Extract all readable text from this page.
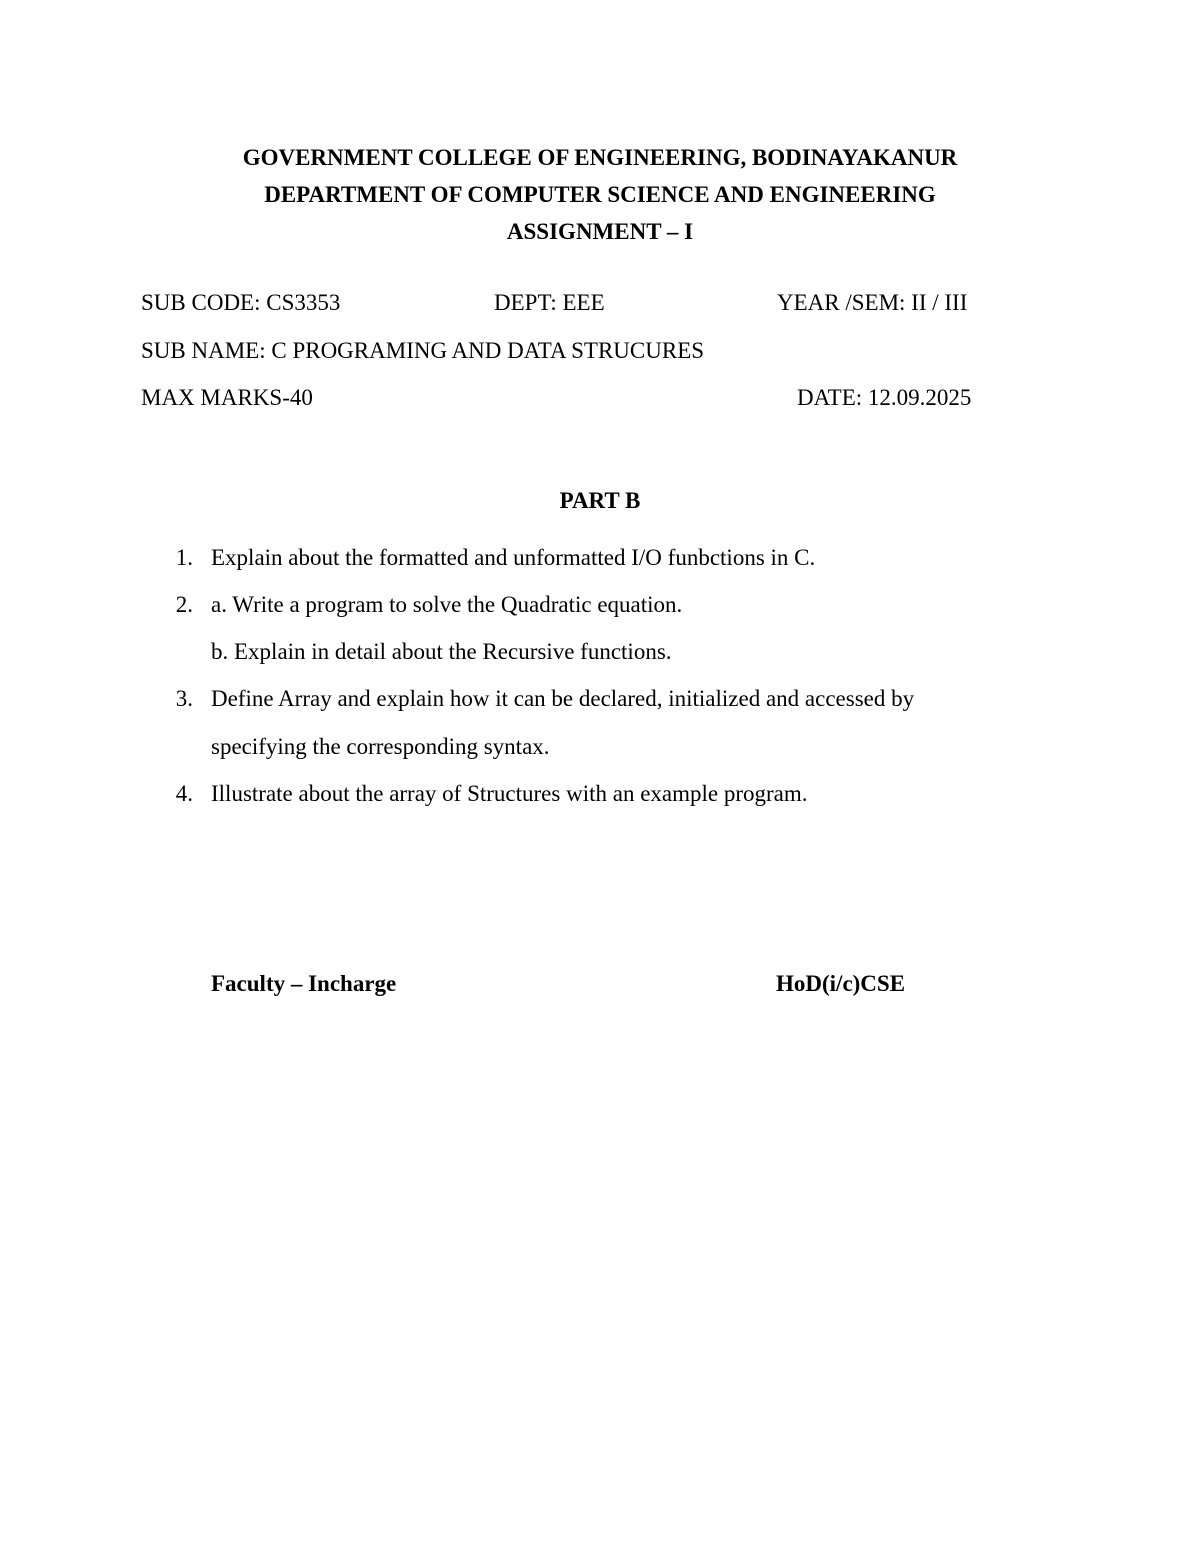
GOVERNMENT COLLEGE OF ENGINEERING, BODINAYAKANUR
DEPARTMENT OF COMPUTER SCIENCE AND ENGINEERING
ASSIGNMENT – I
SUB CODE: CS3353	DEPT: EEE	YEAR /SEM: II / III
SUB NAME: C PROGRAMING AND DATA STRUCURES
MAX MARKS-40	DATE: 12.09.2025
PART B
1. Explain about the formatted and unformatted I/O funbctions in C.
2. a. Write a program to solve the Quadratic equation.
b. Explain in detail about the Recursive functions.
3. Define Array and explain how it can be declared, initialized and accessed by
specifying the corresponding syntax.
4. Illustrate about the array of Structures with an example program.
Faculty – Incharge	HoD(i/c)CSE
